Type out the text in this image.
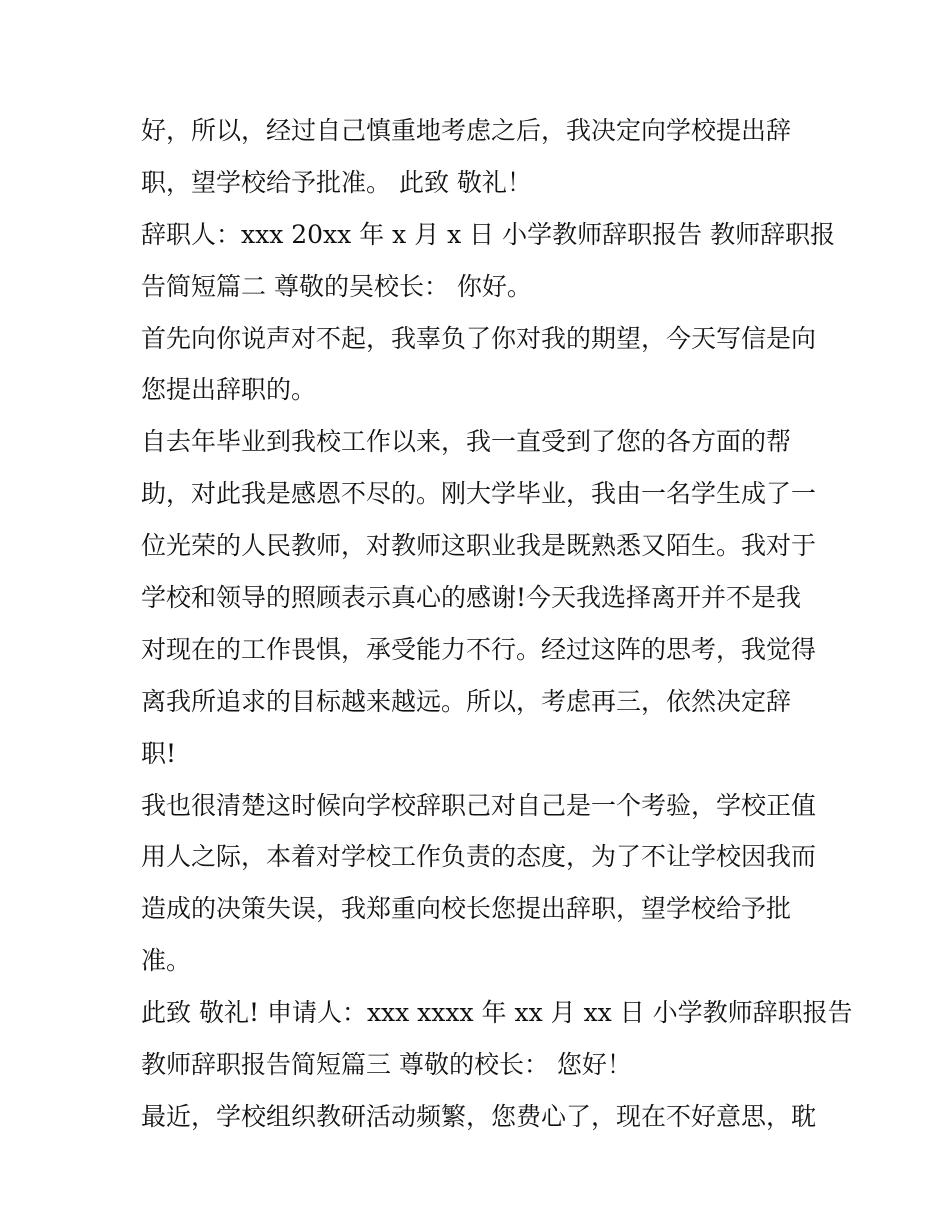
好，所以，经过自己慎重地考虑之后，我决定向学校提出辞
职，望学校给予批准。 此致 敬礼！
辞职人：xxx 20xx 年 x 月 x 日 小学教师辞职报告 教师辞职报
告简短篇二 尊敬的吴校长： 你好。
首先向你说声对不起，我辜负了你对我的期望，今天写信是向
您提出辞职的。
自去年毕业到我校工作以来，我一直受到了您的各方面的帮
助，对此我是感恩不尽的。刚大学毕业，我由一名学生成了一
位光荣的人民教师，对教师这职业我是既熟悉又陌生。我对于
学校和领导的照顾表示真心的感谢!今天我选择离开并不是我
对现在的工作畏惧，承受能力不行。经过这阵的思考，我觉得
离我所追求的目标越来越远。所以，考虑再三，依然决定辞
职!
我也很清楚这时候向学校辞职己对自己是一个考验，学校正值
用人之际，本着对学校工作负责的态度，为了不让学校因我而
造成的决策失误，我郑重向校长您提出辞职，望学校给予批
准。
此致 敬礼! 申请人：xxx xxxx 年 xx 月 xx 日 小学教师辞职报告
教师辞职报告简短篇三 尊敬的校长： 您好！
最近，学校组织教研活动频繁，您费心了，现在不好意思，耽
